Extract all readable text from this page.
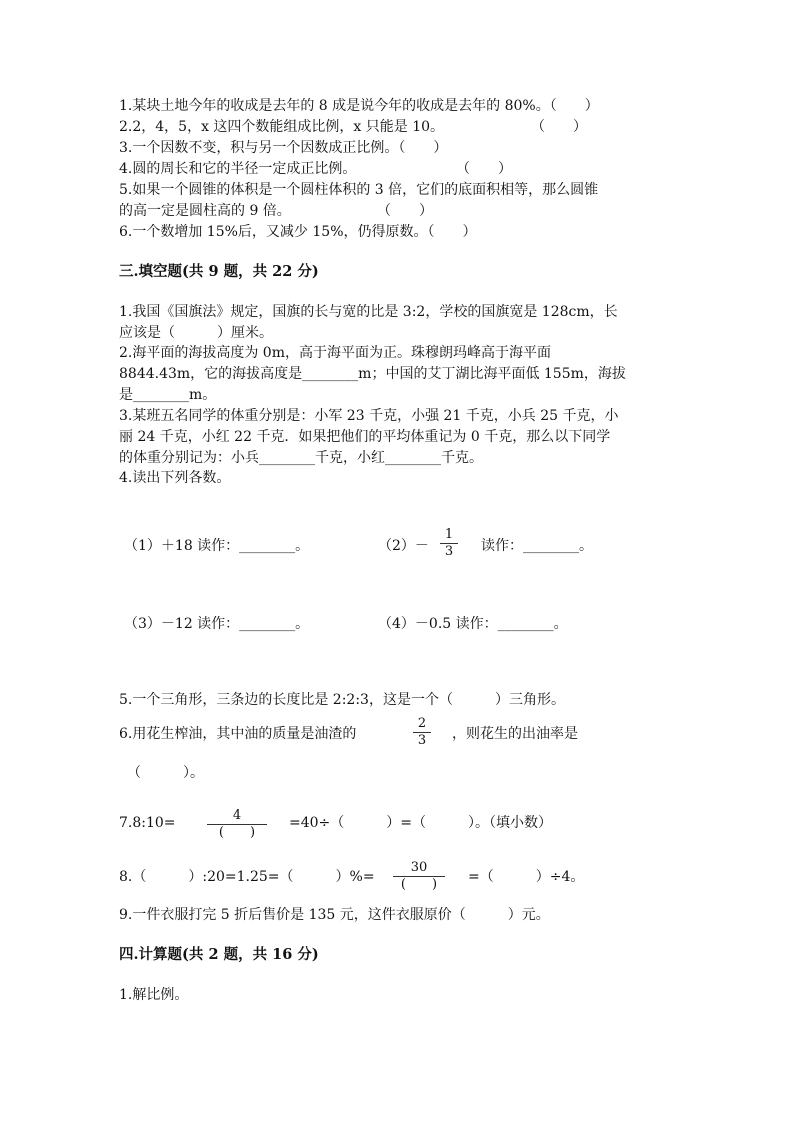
1.某块土地今年的收成是去年的 8 成是说今年的收成是去年的 80%。（　　）
2.2，4，5，x 这四个数能组成比例，x 只能是 10。	（　　）
3.一个因数不变，积与另一个因数成正比例。（　　）
4.圆的周长和它的半径一定成正比例。	（　　）
5.如果一个圆锥的体积是一个圆柱体积的 3 倍，它们的底面积相等，那么圆锥
的高一定是圆柱高的 9 倍。	（　　）
6.一个数增加 15%后，又减少 15%，仍得原数。（　　）
三.填空题(共 9 题，共 22 分)
1.我国《国旗法》规定，国旗的长与宽的比是 3:2，学校的国旗宽是 128cm，长
应该是（　　　）厘米。
2.海平面的海拔高度为 0m，高于海平面为正。珠穆朗玛峰高于海平面
8844.43m，它的海拔高度是________m；中国的艾丁湖比海平面低 155m，海拔
是________m。
3.某班五名同学的体重分别是：小军 23 千克，小强 21 千克，小兵 25 千克，小
丽 24 千克，小红 22 千克．如果把他们的平均体重记为 0 千克，那么以下同学
的体重分别记为：小兵________千克，小红________千克。
4.读出下列各数。
（1）＋18 读作：________。	（2）－
1
3	读作：________。
（3）－12 读作：________。	（4）－0.5 读作：________。
5.一个三角形，三条边的长度比是 2:2:3，这是一个（　　　）三角形。
6.用花生榨油，其中油的质量是油渣的
2
3	，则花生的出油率是
（　　　）。
7.8:10=	4
(　　)
=40÷（　　　）=（　　　）。（填小数）
8.（　　　）:20=1.25=（　　　）%=
30
(　　)	=（　　　）÷4。
9.一件衣服打完 5 折后售价是 135 元，这件衣服原价（　　　）元。
四.计算题(共 2 题，共 16 分)
1.解比例。
